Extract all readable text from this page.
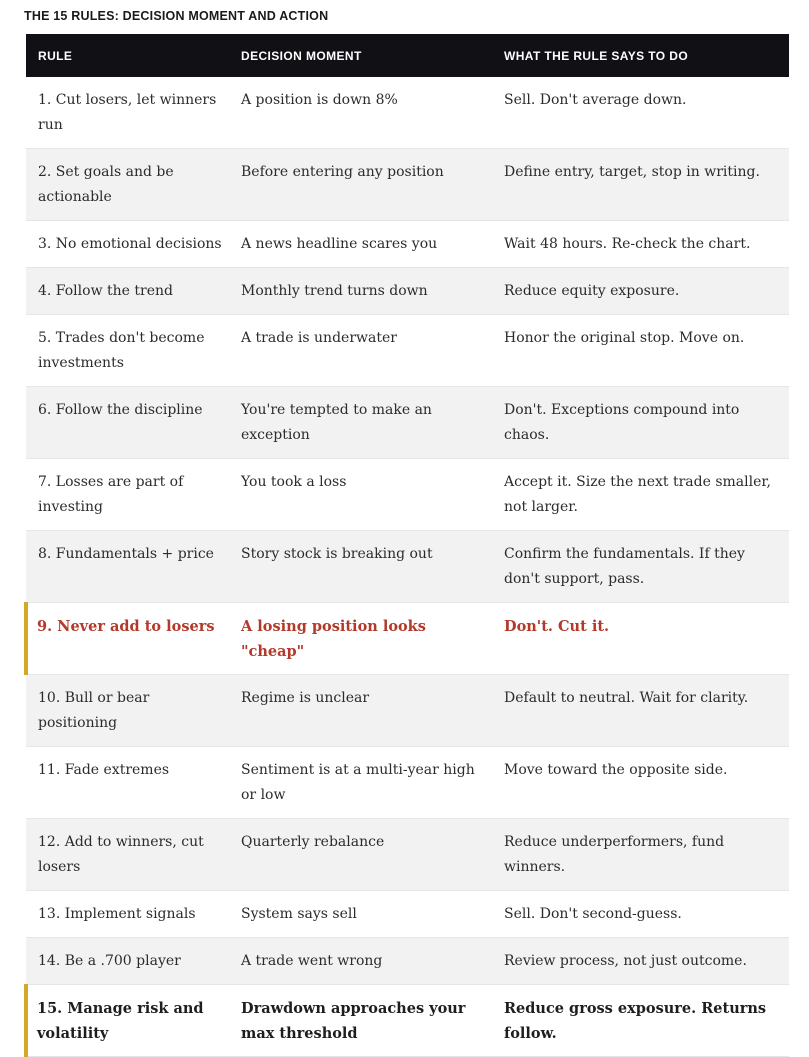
THE 15 RULES: DECISION MOMENT AND ACTION
RULE	DECISION MOMENT	WHAT THE RULE SAYS TO DO
1. Cut losers, let winners run	A position is down 8%	Sell. Don't average down.
2. Set goals and be actionable	Before entering any position	Define entry, target, stop in writing.
3. No emotional decisions	A news headline scares you	Wait 48 hours. Re-check the chart.
4. Follow the trend	Monthly trend turns down	Reduce equity exposure.
5. Trades don't become investments	A trade is underwater	Honor the original stop. Move on.
6. Follow the discipline	You're tempted to make an exception	Don't. Exceptions compound into chaos.
7. Losses are part of investing	You took a loss	Accept it. Size the next trade smaller, not larger.
8. Fundamentals + price	Story stock is breaking out	Confirm the fundamentals. If they don't support, pass.
9. Never add to losers	A losing position looks "cheap"	Don't. Cut it.
10. Bull or bear positioning	Regime is unclear	Default to neutral. Wait for clarity.
11. Fade extremes	Sentiment is at a multi-year high or low	Move toward the opposite side.
12. Add to winners, cut losers	Quarterly rebalance	Reduce underperformers, fund winners.
13. Implement signals	System says sell	Sell. Don't second-guess.
14. Be a .700 player	A trade went wrong	Review process, not just outcome.
15. Manage risk and volatility	Drawdown approaches your max threshold	Reduce gross exposure. Returns follow.
